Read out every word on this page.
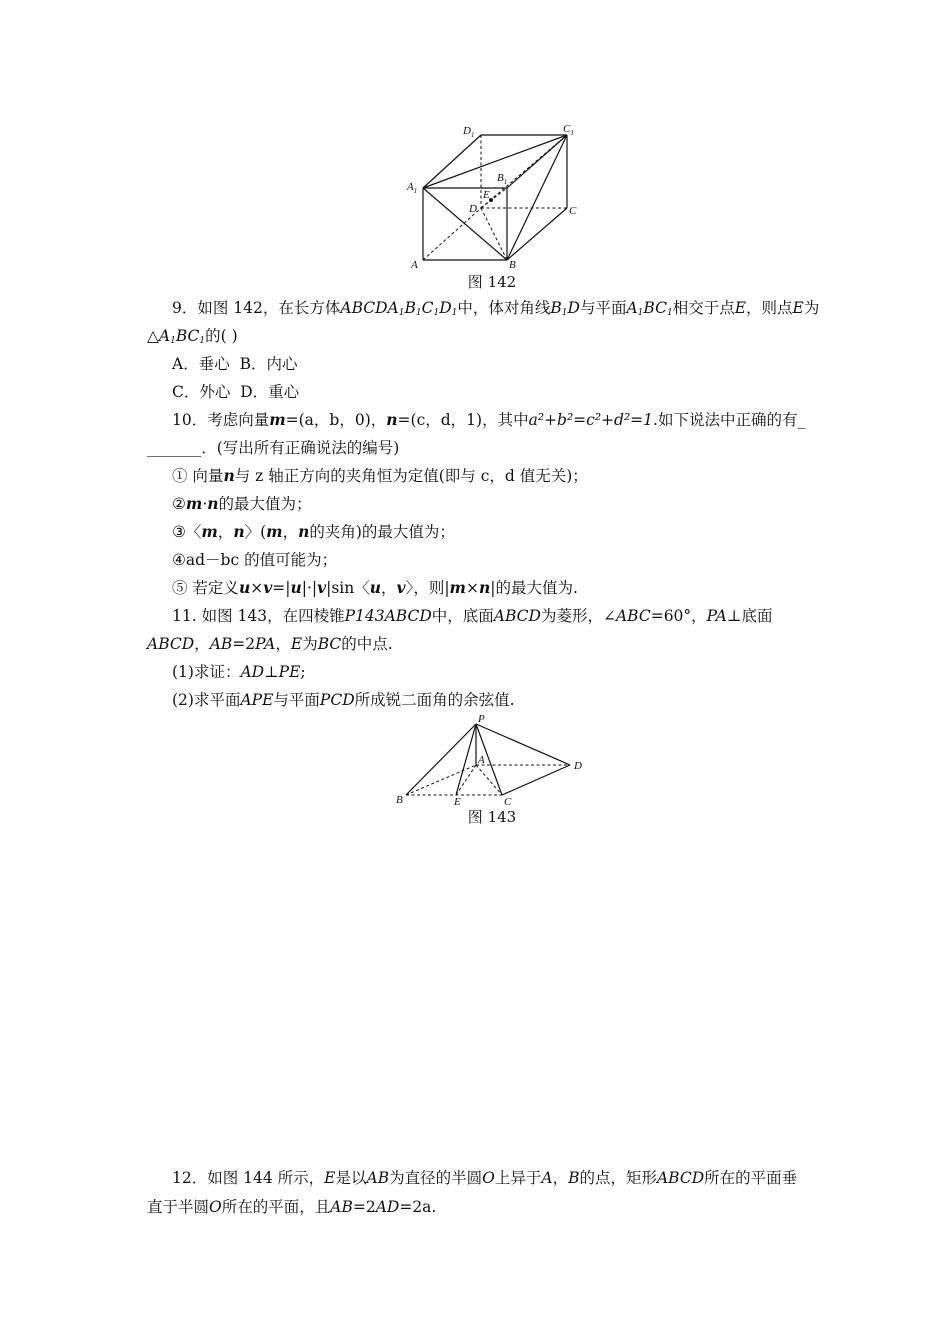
$D_1$	$C_1$
$A_1$
$B_1$
E
D	C
A	B
图 142
9．如图 142，在长方体$ABCDA_1B_1C_1D_1$中，体对角线$B_1D$与平面$A_1BC_1$相交于点E，则点E为
$\triangle A_1BC_1$的( )
A．垂心 B．内心
C．外心 D．重心
10．考虑向量m=(a，b，0)，n=(c，d，1)，其中a²+b²=c²+d²=1.如下说法中正确的有_
_______．(写出所有正确说法的编号)
① 向量n与 z 轴正方向的夹角恒为定值(即与 c，d 值无关)；
②m·n的最大值为；
③〈m，n〉(m，n的夹角)的最大值为；
④ad－bc 的值可能为；
⑤ 若定义u×v=|u|·|v|sin〈u，v〉，则|m×n|的最大值为.
11. 如图 143，在四棱锥P143ABCD中，底面ABCD为菱形，∠ABC=60°，PA⊥底面
ABCD，AB=2PA，E为BC的中点.
(1)求证：AD⊥PE;
(2)求平面APE与平面PCD所成锐二面角的余弦值.
P
A
B	E	C
D
图 143
12．如图 144 所示，E是以AB为直径的半圆O上异于A，B的点，矩形ABCD所在的平面垂
直于半圆O所在的平面，且AB=2AD=2a.
